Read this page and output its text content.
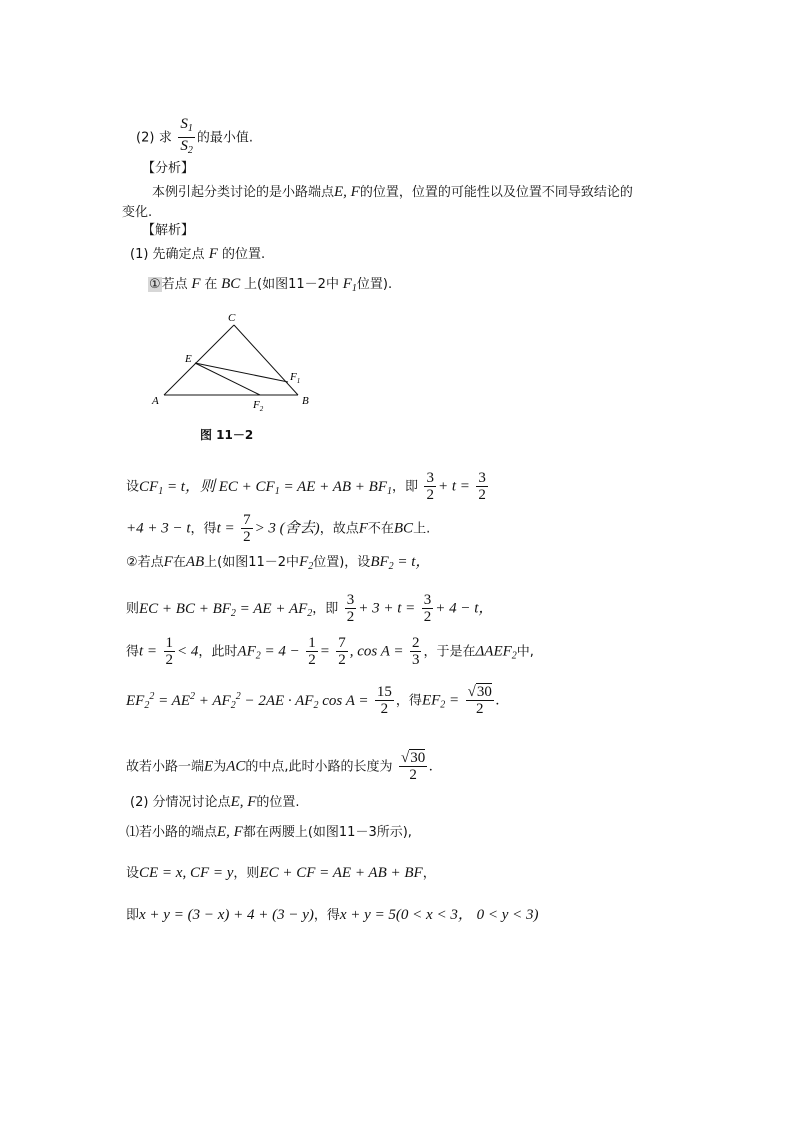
(2) 求 $\frac{S_1}{S_2}$ 的最小值.
【分析】
本例引起分类讨论的是小路端点E, F的位置，位置的可能性以及位置不同导致结论的
变化.
【解析】
(1) 先确定点 F 的位置.
①若点 F 在 BC 上(如图11－2中 $F_1$位置).
C
E
$F_1$
A	$F_2$
B
图 11－2
设$CF_1 = t$，则 EC + $CF_1$ = AE + AB + $BF_1$，即 $\frac{3}{2} + t = \frac{3}{2}$
+4 + 3 − t，得$t = \frac{7}{2} > 3$ (舍去)，故点F不在BC上.
②若点F在AB上(如图11－2中$F_2$位置)，设$BF_2 = t$，
则EC + BC + $BF_2$ = AE + $AF_2$，即 $\frac{3}{2} + 3 + t = \frac{3}{2} + 4 - t$，
得$t = \frac{1}{2} < 4$，此时$AF_2 = 4 - \frac{1}{2} = \frac{7}{2}$ , $\cos A = \frac{2}{3}$ ，于是在$\Delta AEF_2$中,
$EF_2^2 = AE^2 + AF_2^2 - 2AE \cdot AF_2$ $\cos A = \frac{15}{2}$ ，得$EF_2 = \frac{√30}{2}$ .
故若小路一端E为AC的中点,此时小路的长度为 $\frac{√30}{2}$ .
(2) 分情况讨论点E, F的位置.
⑴若小路的端点E, F都在两腰上(如图11－3所示),
设CE = x, CF = y，则EC + CF = AE + AB + BF，
即x + y = (3 − x) + 4 + (3 − y)，得x + y = 5(0 < x < 3， 0 < y < 3)
